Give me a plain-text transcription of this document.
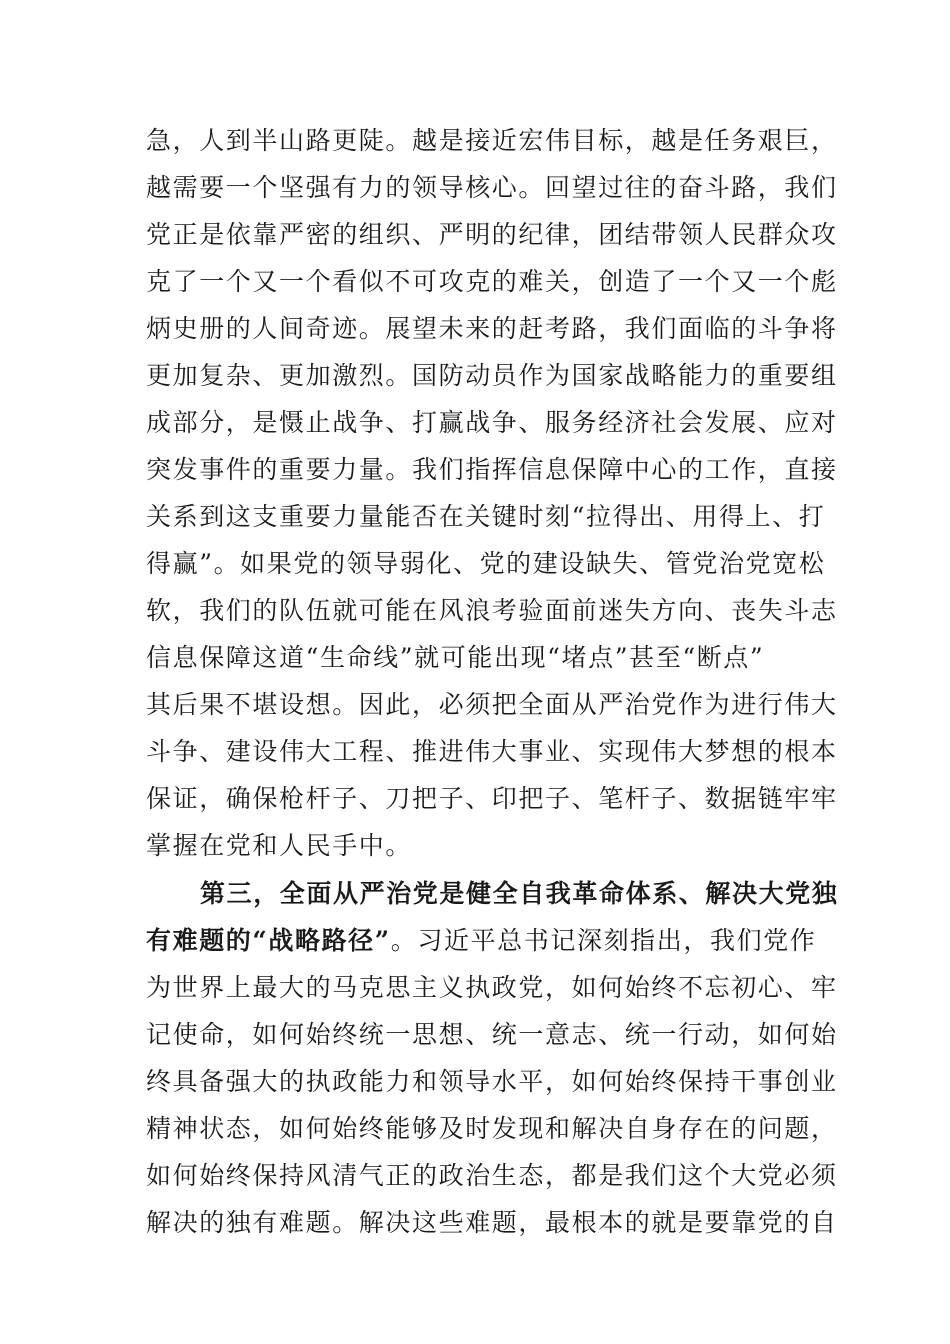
急，人到半山路更陡。越是接近宏伟目标，越是任务艰巨，
越需要一个坚强有力的领导核心。回望过往的奋斗路，我们
党正是依靠严密的组织、严明的纪律，团结带领人民群众攻
克了一个又一个看似不可攻克的难关，创造了一个又一个彪
炳史册的人间奇迹。展望未来的赶考路，我们面临的斗争将
更加复杂、更加激烈。国防动员作为国家战略能力的重要组
成部分，是慑止战争、打赢战争、服务经济社会发展、应对
突发事件的重要力量。我们指挥信息保障中心的工作，直接
关系到这支重要力量能否在关键时刻“拉得出、用得上、打
得赢”。如果党的领导弱化、党的建设缺失、管党治党宽松
软，我们的队伍就可能在风浪考验面前迷失方向、丧失斗志
信息保障这道“生命线”就可能出现“堵点”甚至“断点”
其后果不堪设想。因此，必须把全面从严治党作为进行伟大
斗争、建设伟大工程、推进伟大事业、实现伟大梦想的根本
保证，确保枪杆子、刀把子、印把子、笔杆子、数据链牢牢
掌握在党和人民手中。
第三，全面从严治党是健全自我革命体系、解决大党独
有难题的“战略路径”。习近平总书记深刻指出，我们党作
为世界上最大的马克思主义执政党，如何始终不忘初心、牢
记使命，如何始终统一思想、统一意志、统一行动，如何始
终具备强大的执政能力和领导水平，如何始终保持干事创业
精神状态，如何始终能够及时发现和解决自身存在的问题，
如何始终保持风清气正的政治生态，都是我们这个大党必须
解决的独有难题。解决这些难题，最根本的就是要靠党的自
